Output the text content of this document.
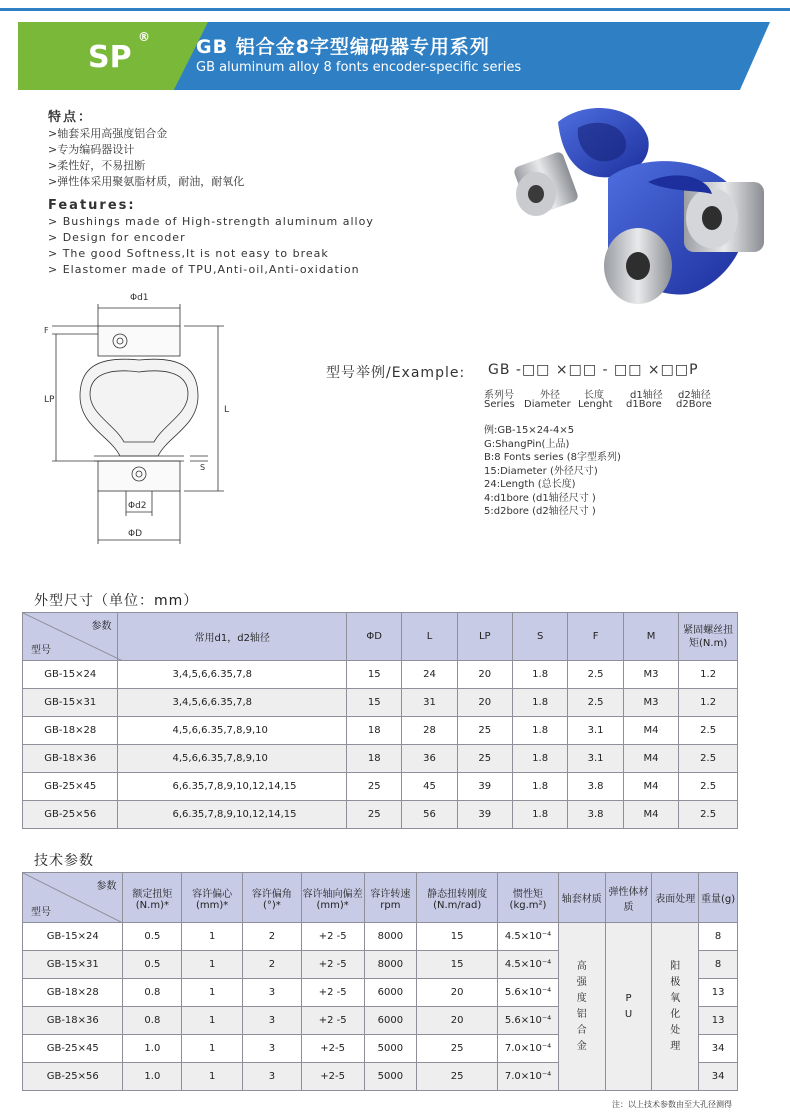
SP
® GB 铝合金8字型编码器专用系列
GB aluminum alloy 8 fonts encoder-specific series
特点：
>轴套采用高强度铝合金
>专为编码器设计
>柔性好，不易扭断
>弹性体采用聚氨脂材质，耐油，耐氧化
Features:
> Bushings made of High-strength aluminum alloy
> Design for encoder
> The good Softness,It is not easy to break
> Elastomer made of TPU,Anti-oil,Anti-oxidation
Φd1
F
LP
L
S
Φd2
ΦD
型号举例/Example: GB -□□ ×□□ - □□ ×□□P
系列号	外径 长度	d1轴径 d2轴径
Series Diameter Lenght d1Bore d2Bore
例:GB-15×24-4×5
G:ShangPin(上品)
B:8 Fonts series (8字型系列)
15:Diameter (外径尺寸)
24:Length (总长度)
4:d1bore (d1轴径尺寸 )
5:d2bore (d2轴径尺寸 )
外型尺寸（单位：mm）
参数
型号	常用d1，d2轴径	ΦD	L	LP	S	F	M	紧固螺丝扭矩(N.m)
GB-15×24	3,4,5,6,6.35,7,8	15	24	20	1.8	2.5	M3	1.2
GB-15×31	3,4,5,6,6.35,7,8	15	31	20	1.8	2.5	M3	1.2
GB-18×28	4,5,6,6.35,7,8,9,10	18	28	25	1.8	3.1	M4	2.5
GB-18×36	4,5,6,6.35,7,8,9,10	18	36	25	1.8	3.1	M4	2.5
GB-25×45	6,6.35,7,8,9,10,12,14,15	25	45	39	1.8	3.8	M4	2.5
GB-25×56	6,6.35,7,8,9,10,12,14,15	25	56	39	1.8	3.8	M4	2.5
技术参数
参数
型号	额定扭矩(N.m)*	容许偏心(mm)*	容许偏角(°)*	容许轴向偏差(mm)*	容许转速rpm	静态扭转刚度(N.m/rad)	惯性矩(kg.m²)	轴套材质	弹性体材质	表面处理	重量(g)
GB-15×24	0.5	1	2	+2 -5	8000	15	4.5×10⁻⁴	高强度铝合金	PU	阳极氧化处理	8
GB-15×31	0.5	1	2	+2 -5	8000	15	4.5×10⁻⁴				8
GB-18×28	0.8	1	3	+2 -5	6000	20	5.6×10⁻⁴				13
GB-18×36	0.8	1	3	+2 -5	6000	20	5.6×10⁻⁴				13
GB-25×45	1.0	1	3	+2-5	5000	25	7.0×10⁻⁴				34
GB-25×56	1.0	1	3	+2-5	5000	25	7.0×10⁻⁴				34
注：以上技术参数由至大孔径测得
